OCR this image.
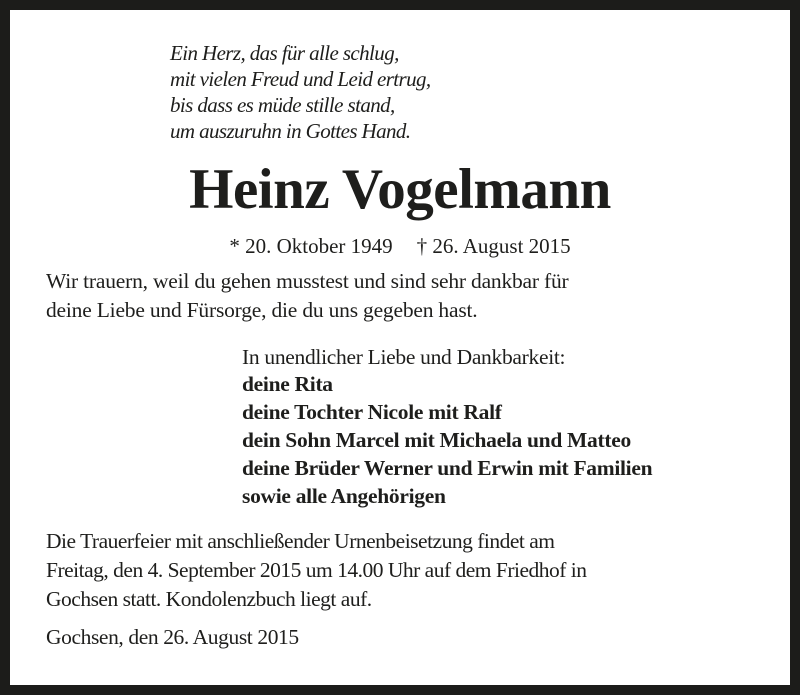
Ein Herz, das für alle schlug,
mit vielen Freud und Leid ertrug,
bis dass es müde stille stand,
um auszuruhn in Gottes Hand.
Heinz Vogelmann
* 20. Oktober 1949 † 26. August 2015
Wir trauern, weil du gehen musstest und sind sehr dankbar für
deine Liebe und Fürsorge, die du uns gegeben hast.
In unendlicher Liebe und Dankbarkeit:
deine Rita
deine Tochter Nicole mit Ralf
dein Sohn Marcel mit Michaela und Matteo
deine Brüder Werner und Erwin mit Familien
sowie alle Angehörigen
Die Trauerfeier mit anschließender Urnenbeisetzung findet am
Freitag, den 4. September 2015 um 14.00 Uhr auf dem Friedhof in
Gochsen statt. Kondolenzbuch liegt auf.
Gochsen, den 26. August 2015
